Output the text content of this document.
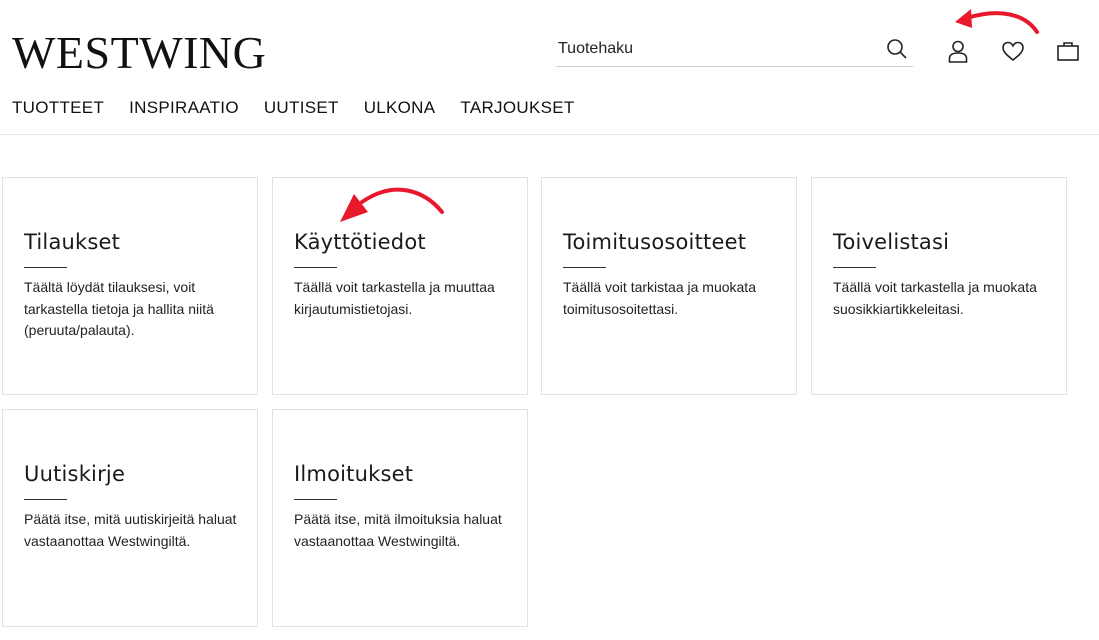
WESTWING
Tuotehaku
TUOTTEET INSPIRAATIO UUTISET ULKONA TARJOUKSET
Tilaukset
Täältä löydät tilauksesi, voit tarkastella tietoja ja hallita niitä (peruuta/palauta).
Käyttötiedot
Täällä voit tarkastella ja muuttaa kirjautumistietojasi.
Toimitusosoitteet
Täällä voit tarkistaa ja muokata toimitusosoitettasi.
Toivelistasi
Täällä voit tarkastella ja muokata suosikkiartikkeleitasi.
Uutiskirje
Päätä itse, mitä uutiskirjeitä haluat vastaanottaa Westwingiltä.
Ilmoitukset
Päätä itse, mitä ilmoituksia haluat vastaanottaa Westwingiltä.
